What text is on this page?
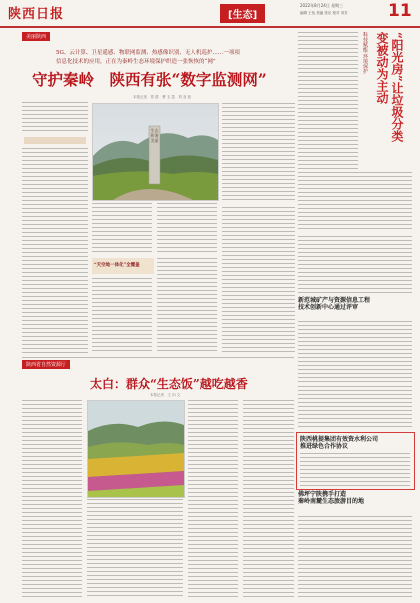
陕西日报	[生态]
2022年8月24日 星期三
编辑 王怡 美编 张乐 校对 刘芳 11
美丽陕西
5G、云计算、卫星遥感、物联网监测、热感像识别、无人机巡护……一项项
信息化技术的应用，正在为秦岭生态环境保护织造一张恢恢的“网”
守护秦岭　陕西有张“数字监测网”
本报记者　蔡 甜　曹 玉 盈　刘 亚 茹
生态 和谐 美丽
“天空地一体化”全覆盖
科技赋能·环境保护	“阳光房”让垃圾分类变被动为主动
新范城矿产与资源信息工程
技术创新中心通过评审
陕西省自然资源厅
太白：群众“生态饭”越吃越香
本报记者　王 向 文
陕西桃提集团有效资水利公司
推进绿色合作协议
佛坪宁陕携手打造
秦岭南麓生态旅游目的地
